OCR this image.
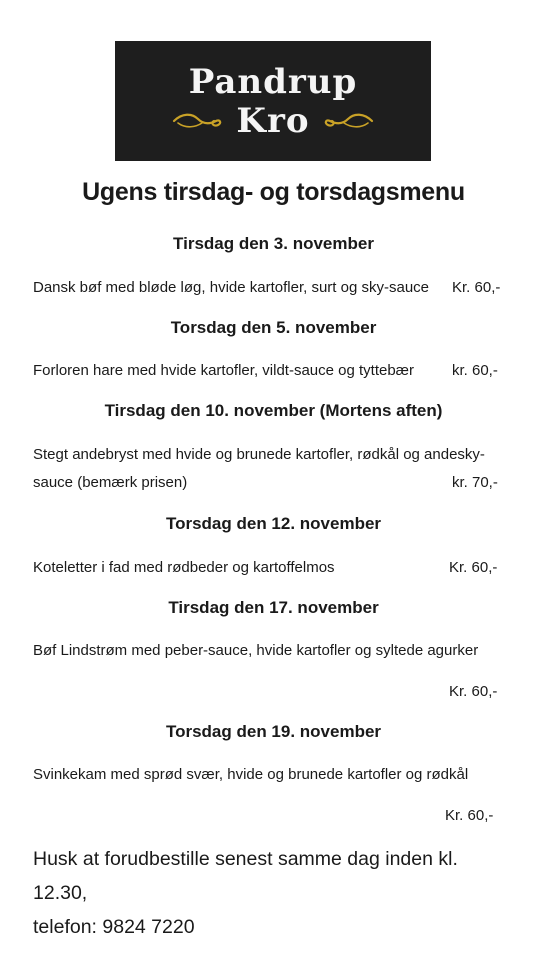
Pandrup
Kro
Ugens tirsdag- og torsdagsmenu
Tirsdag den 3. november
Dansk bøf med bløde løg, hvide kartofler, surt og sky-sauce Kr. 60,-
Torsdag den 5. november
Forloren hare med hvide kartofler, vildt-sauce og tyttebær	kr. 60,-
Tirsdag den 10. november (Mortens aften)
Stegt andebryst med hvide og brunede kartofler, rødkål og andesky-
sauce (bemærk prisen)	kr. 70,-
Torsdag den 12. november
Koteletter i fad med rødbeder og kartoffelmos	Kr. 60,-
Tirsdag den 17. november
Bøf Lindstrøm med peber-sauce, hvide kartofler og syltede agurker
Kr. 60,-
Torsdag den 19. november
Svinkekam med sprød svær, hvide og brunede kartofler og rødkål
Kr. 60,-
Husk at forudbestille senest samme dag inden kl. 12.30,
telefon: 9824 7220
